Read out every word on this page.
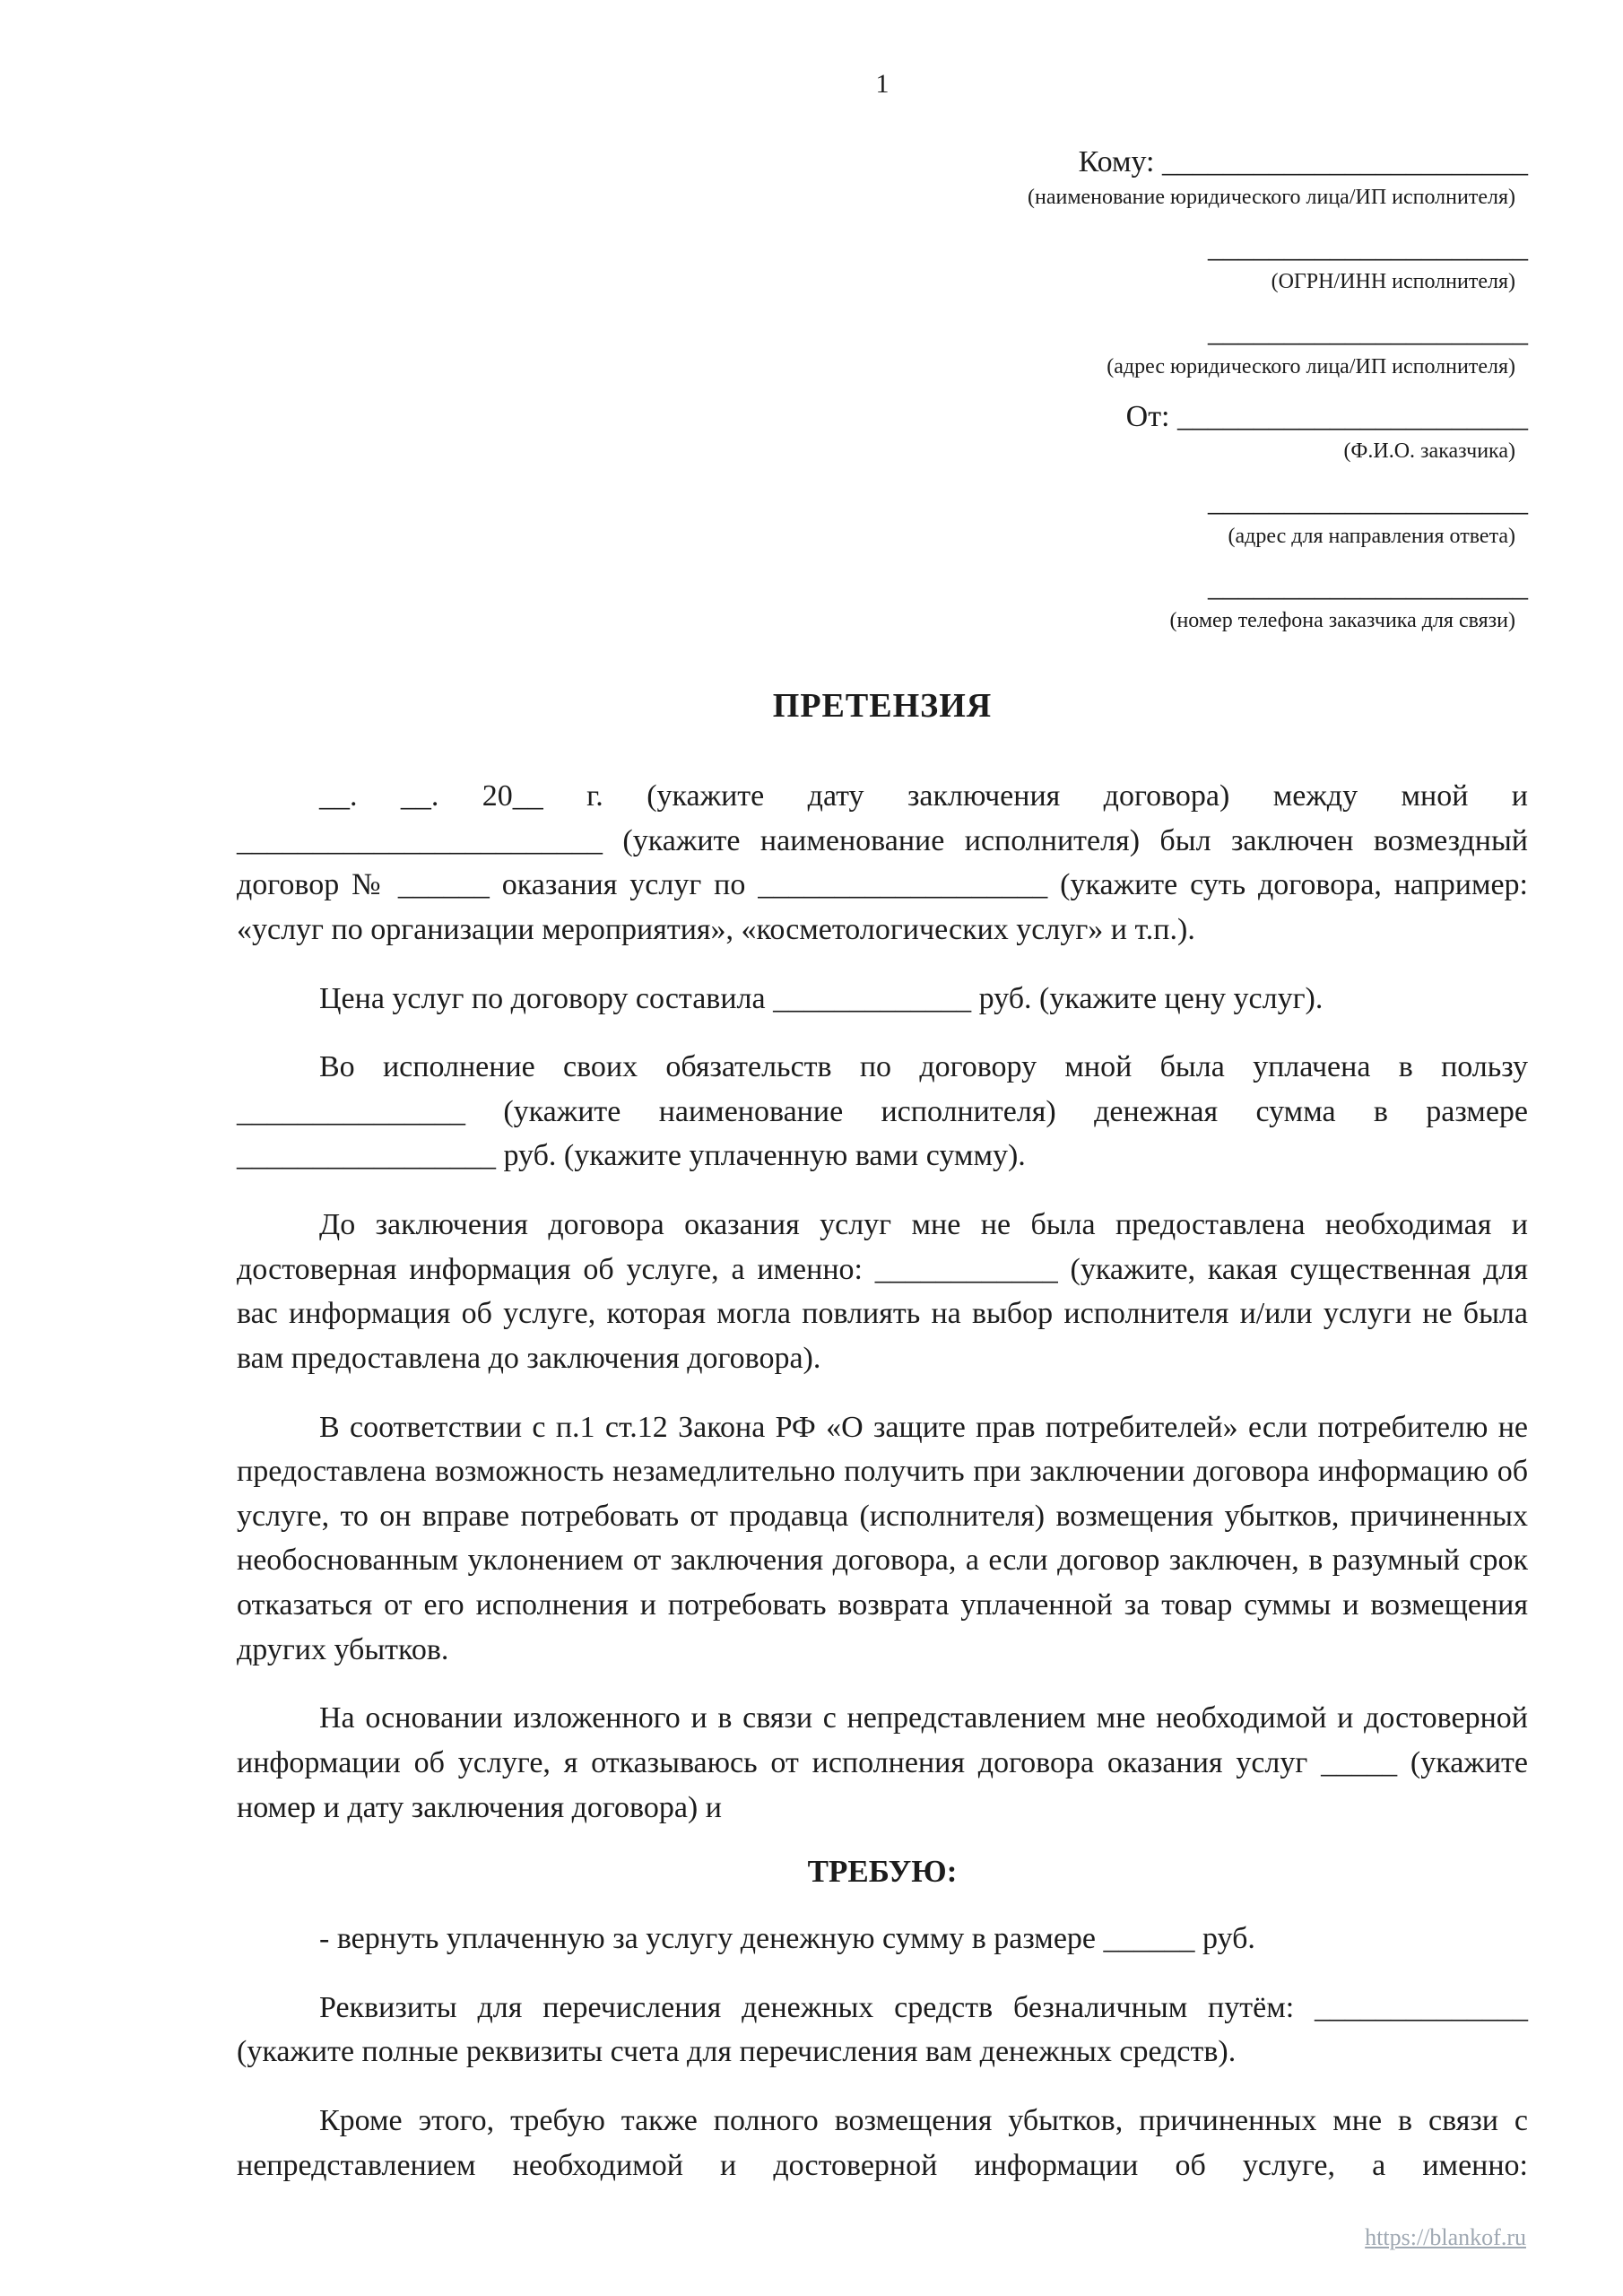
1
Кому: ________________________
(наименование юридического лица/ИП исполнителя)
_____________________
(ОГРН/ИНН исполнителя)
_____________________
(адрес юридического лица/ИП исполнителя)
От: _______________________
(Ф.И.О. заказчика)
_____________________
(адрес для направления ответа)
_____________________
(номер телефона заказчика для связи)
ПРЕТЕНЗИЯ

__. __. 20__ г. (укажите дату заключения договора) между мной и ________________________ (укажите наименование исполнителя) был заключен возмездный договор № ______ оказания услуг по ___________________ (укажите суть договора, например: «услуг по организации мероприятия», «косметологических услуг» и т.п.).

Цена услуг по договору составила _____________ руб. (укажите цену услуг).

Во исполнение своих обязательств по договору мной была уплачена в пользу _______________ (укажите наименование исполнителя) денежная сумма в размере _________________ руб. (укажите уплаченную вами сумму).

До заключения договора оказания услуг мне не была предоставлена необходимая и достоверная информация об услуге, а именно: ____________ (укажите, какая существенная для вас информация об услуге, которая могла повлиять на выбор исполнителя и/или услуги не была вам предоставлена до заключения договора).

В соответствии с п.1 ст.12 Закона РФ «О защите прав потребителей» если потребителю не предоставлена возможность незамедлительно получить при заключении договора информацию об услуге, то он вправе потребовать от продавца (исполнителя) возмещения убытков, причиненных необоснованным уклонением от заключения договора, а если договор заключен, в разумный срок отказаться от его исполнения и потребовать возврата уплаченной за товар суммы и возмещения других убытков.

На основании изложенного и в связи с непредставлением мне необходимой и достоверной информации об услуге, я отказываюсь от исполнения договора оказания услуг _____ (укажите номер и дату заключения договора) и

ТРЕБУЮ:

- вернуть уплаченную за услугу денежную сумму в размере ______ руб.

Реквизиты для перечисления денежных средств безналичным путём: ______________ (укажите полные реквизиты счета для перечисления вам денежных средств).

Кроме этого, требую также полного возмещения убытков, причиненных мне в связи с непредставлением необходимой и достоверной информации об услуге, а именно:

https://blankof.ru
